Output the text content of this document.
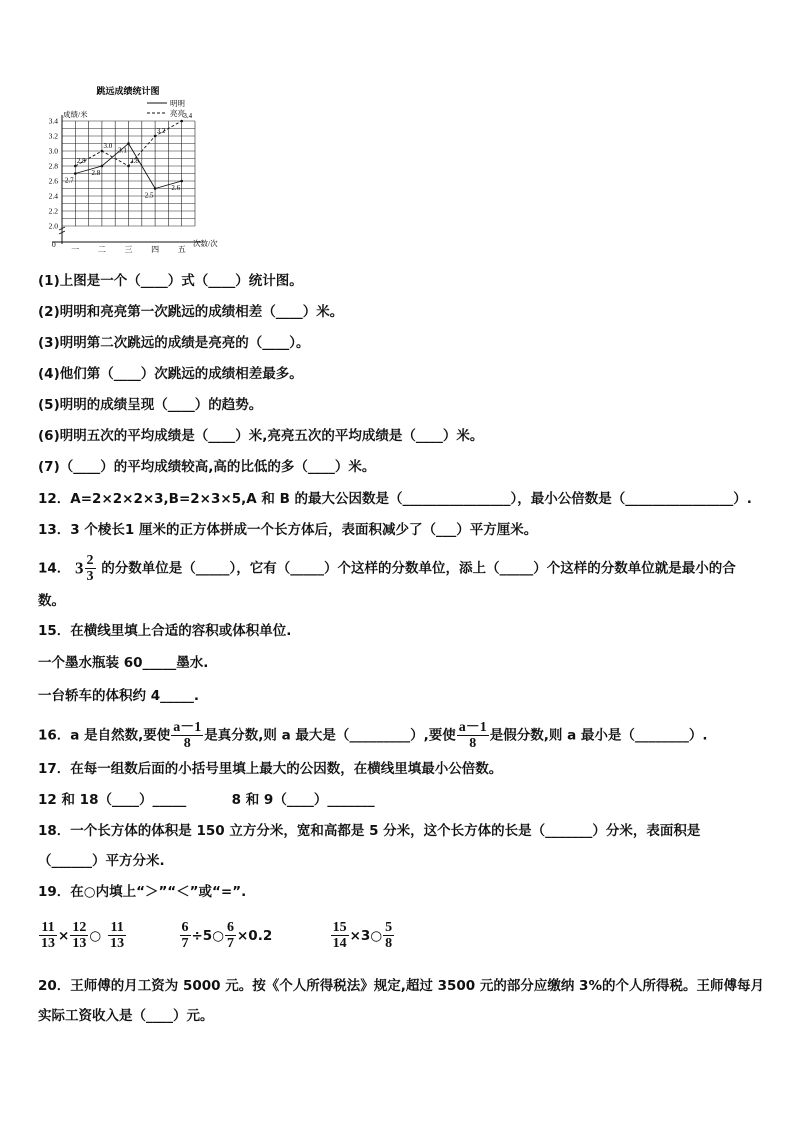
跳远成绩统计图
成绩/米
次数/次
0
明明
亮亮
2.0
2.2
2.4
2.6
2.8
3.0
3.2
3.4
一 二 三 四 五
2.7
2.8
3.1
2.5
2.6
2.8
3.0
2.8
3.2
3.4
(1)上图是一个（____）式（____）统计图。
(2)明明和亮亮第一次跳远的成绩相差（____）米。
(3)明明第二次跳远的成绩是亮亮的（____）。
(4)他们第（____）次跳远的成绩相差最多。
(5)明明的成绩呈现（____）的趋势。
(6)明明五次的平均成绩是（____）米,亮亮五次的平均成绩是（____）米。
(7)（____）的平均成绩较高,高的比低的多（____）米。
12．A=2×2×2×3,B=2×3×5,A 和 B 的最大公因数是（________________），最小公倍数是（________________）.
13．3 个棱长1 厘米的正方体拼成一个长方体后，表面积减少了（___）平方厘米。
14． $3 \frac{2}{3}$ 的分数单位是（_____），它有（_____）个这样的分数单位，添上（_____）个这样的分数单位就是最小的合
数。
15．在横线里填上合适的容积或体积单位.
一个墨水瓶装 60_____墨水.
一台轿车的体积约 4_____.
16．a 是自然数,要使 $\frac{a-1}{8}$ 是真分数,则 a 最大是（_________）,要使 $\frac{a-1}{8}$ 是假分数,则 a 最小是（________）.
17．在每一组数后面的小括号里填上最大的公因数，在横线里填最小公倍数。
12 和 18（____）_____	8 和 9（____）_______
18．一个长方体的体积是 150 立方分米，宽和高都是 5 分米，这个长方体的长是（_______）分米，表面积是
（______）平方分米.
19．在○内填上“＞”“＜”或“=”.
$\frac{11}{13} \times \frac{12}{13}$ ○ $\frac{11}{13}$
	$\frac{6}{7}$ ÷5○ $\frac{6}{7} \times 0.2$	$\frac{15}{14}$ ×3○ $\frac{5}{8}$
20．王师傅的月工资为 5000 元。按《个人所得税法》规定,超过 3500 元的部分应缴纳 3%的个人所得税。王师傅每月
实际工资收入是（____）元。
